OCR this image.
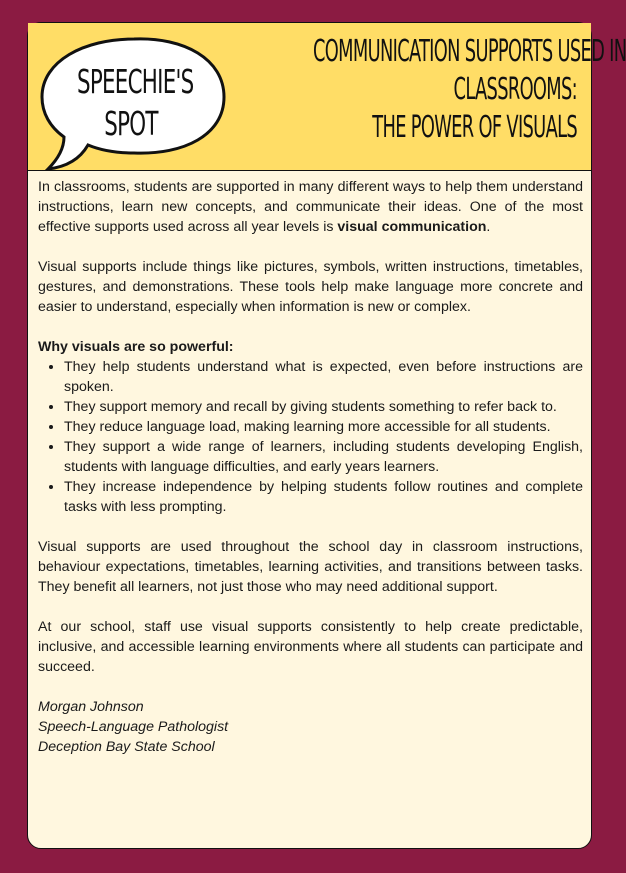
SPEECHIE'S
SPOT
COMMUNICATION SUPPORTS USED IN
CLASSROOMS:
THE POWER OF VISUALS

In classrooms, students are supported in many different ways to help them understand instructions, learn new concepts, and communicate their ideas. One of the most effective supports used across all year levels is visual communication.

Visual supports include things like pictures, symbols, written instructions, timetables, gestures, and demonstrations. These tools help make language more concrete and easier to understand, especially when information is new or complex.

Why visuals are so powerful:
• They help students understand what is expected, even before instructions are spoken.
• They support memory and recall by giving students something to refer back to.
• They reduce language load, making learning more accessible for all students.
• They support a wide range of learners, including students developing English, students with language difficulties, and early years learners.
• They increase independence by helping students follow routines and complete tasks with less prompting.

Visual supports are used throughout the school day in classroom instructions, behaviour expectations, timetables, learning activities, and transitions between tasks. They benefit all learners, not just those who may need additional support.

At our school, staff use visual supports consistently to help create predictable, inclusive, and accessible learning environments where all students can participate and succeed.

Morgan Johnson
Speech-Language Pathologist
Deception Bay State School
